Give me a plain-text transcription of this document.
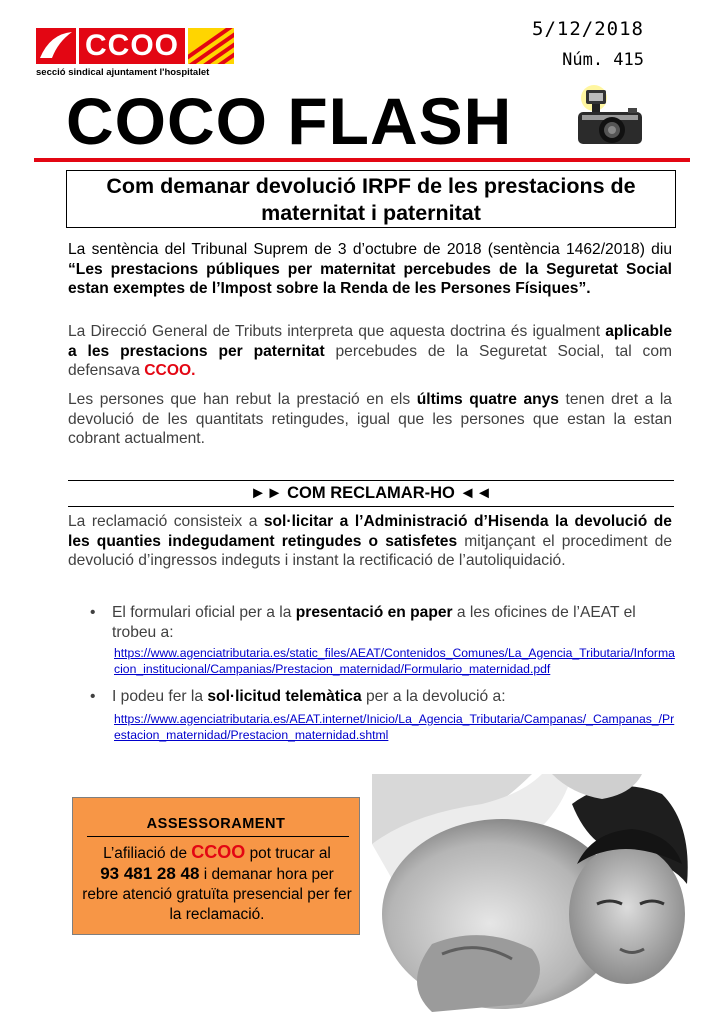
CCOO
secció sindical ajuntament l'hospitalet
5/12/2018
Núm. 415
COCO FLASH
Com demanar devolució IRPF de les prestacions de maternitat i paternitat
La sentència del Tribunal Suprem de 3 d’octubre de 2018 (sentència 1462/2018) diu “Les prestacions públiques per maternitat percebudes de la Seguretat Social estan exemptes de l’Impost sobre la Renda de les Persones Físiques”.
La Direcció General de Tributs interpreta que aquesta doctrina és igualment aplicable a les prestacions per paternitat percebudes de la Seguretat Social, tal com defensava CCOO.
Les persones que han rebut la prestació en els últims quatre anys tenen dret a la devolució de les quantitats retingudes, igual que les persones que estan la estan cobrant actualment.
►► COM RECLAMAR-HO ◄◄
La reclamació consisteix a sol·licitar a l’Administració d’Hisenda la devolució de les quanties indegudament retingudes o satisfetes mitjançant el procediment de devolució d’ingressos indeguts i instant la rectificació de l’autoliquidació.
•	El formulari oficial per a la presentació en paper a les oficines de l’AEAT el trobeu a:
https://www.agenciatributaria.es/static_files/AEAT/Contenidos_Comunes/La_Agencia_Tributaria/Informacion_institucional/Campanias/Prestacion_maternidad/Formulario_maternidad.pdf
•	I podeu fer la sol·licitud telemàtica per a la devolució a:
https://www.agenciatributaria.es/AEAT.internet/Inicio/La_Agencia_Tributaria/Campanas/_Campanas_/Prestacion_maternidad/Prestacion_maternidad.shtml
ASSESSORAMENT
L’afiliació de CCOO pot trucar al
93 481 28 48 i demanar hora per rebre atenció gratuïta presencial per fer la reclamació.
